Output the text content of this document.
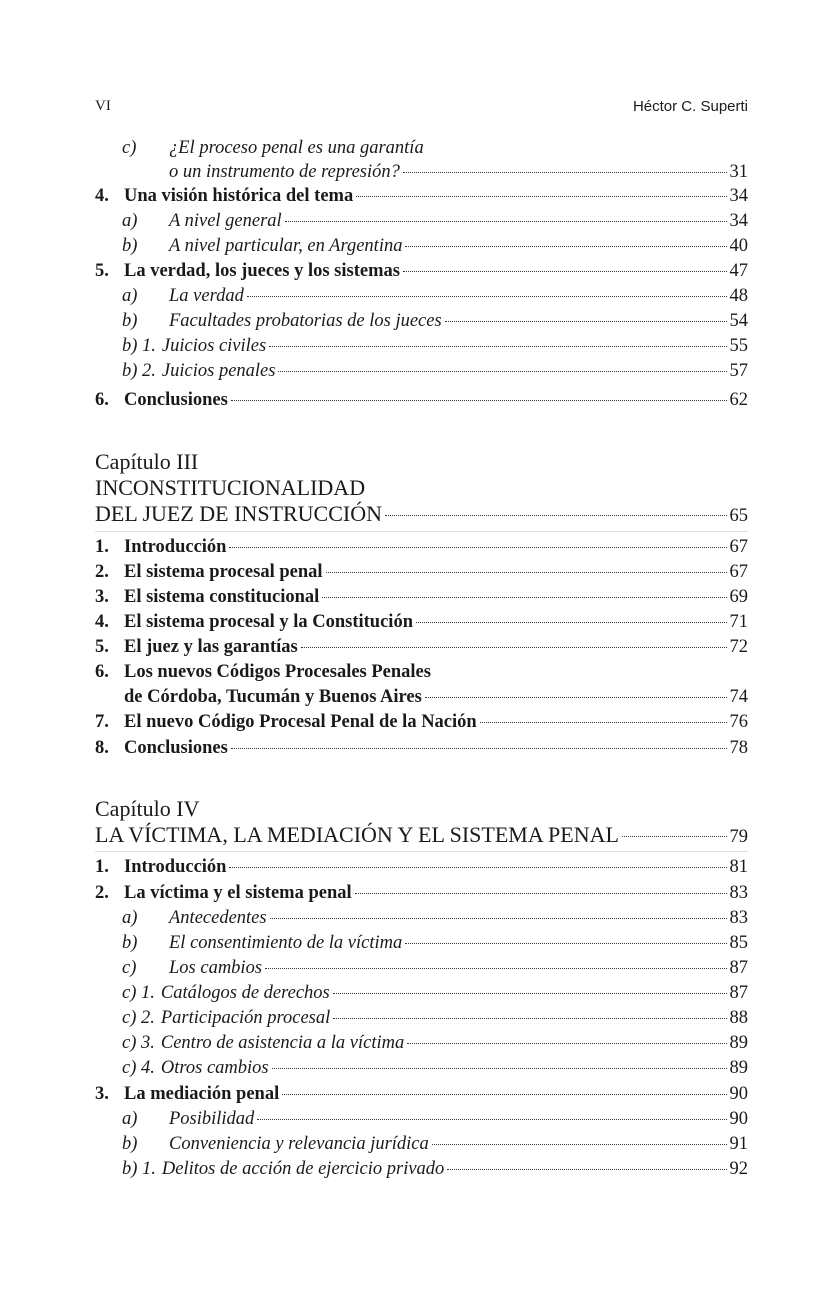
VI	Héctor C. Superti
c)	¿El proceso penal es una garantía
o un instrumento de represión?	31
4. Una visión histórica del tema	34
a)	A nivel general	34
b)	A nivel particular, en Argentina	40
5. La verdad, los jueces y los sistemas	47
a)	La verdad	48
b)	Facultades probatorias de los jueces	54
b) 1. Juicios civiles	55
b) 2. Juicios penales	57
6. Conclusiones	62
Capítulo III
INCONSTITUCIONALIDAD
DEL JUEZ DE INSTRUCCIÓN	65
1. Introducción	67
2. El sistema procesal penal	67
3. El sistema constitucional	69
4. El sistema procesal y la Constitución	71
5. El juez y las garantías	72
6. Los nuevos Códigos Procesales Penales
de Córdoba, Tucumán y Buenos Aires	74
7. El nuevo Código Procesal Penal de la Nación	76
8. Conclusiones	78
Capítulo IV
LA VÍCTIMA, LA MEDIACIÓN Y EL SISTEMA PENAL	79
1. Introducción	81
2. La víctima y el sistema penal	83
a)	Antecedentes	83
b)	El consentimiento de la víctima	85
c)	Los cambios	87
c) 1. Catálogos de derechos	87
c) 2. Participación procesal	88
c) 3. Centro de asistencia a la víctima	89
c) 4. Otros cambios	89
3. La mediación penal	90
a)	Posibilidad	90
b)	Conveniencia y relevancia jurídica	91
b) 1. Delitos de acción de ejercicio privado	92
